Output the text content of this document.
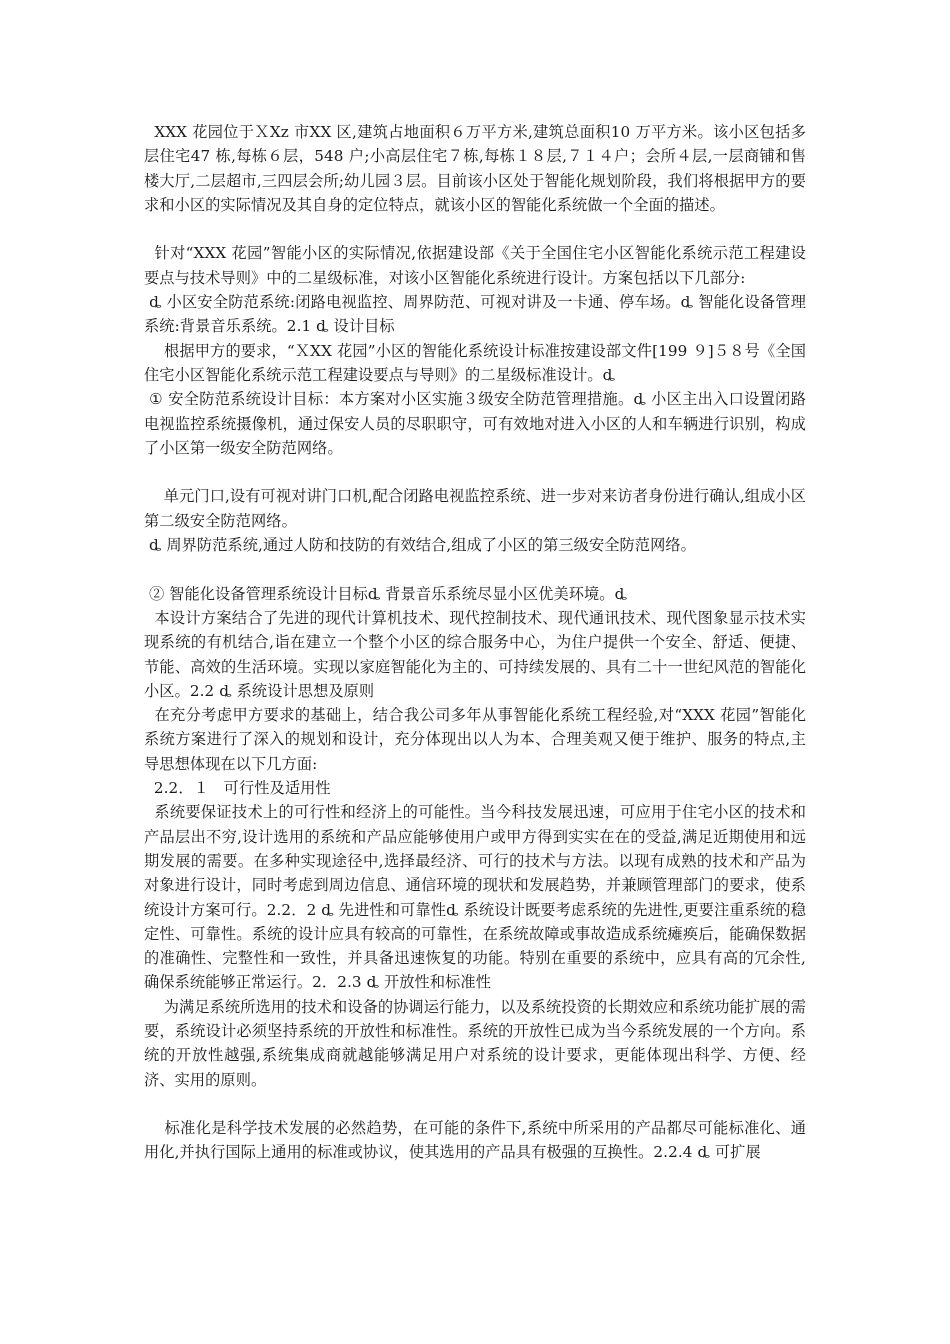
XXX 花园位于ＸXz 市XX 区,建筑占地面积６万平方米,建筑总面积10 万平方米。该小区包括多层住宅47 栋,每栋６层，548 户;小高层住宅７栋,每栋１８层,７１４户；会所４层,一层商铺和售楼大厅,二层超市,三四层会所;幼儿园３层。目前该小区处于智能化规划阶段，我们将根据甲方的要求和小区的实际情况及其自身的定位特点，就该小区的智能化系统做一个全面的描述。

针对“XXX 花园”智能小区的实际情况,依据建设部《关于全国住宅小区智能化系统示范工程建设要点与技术导则》中的二星级标准，对该小区智能化系统进行设计。方案包括以下几部分:
ȡ 小区安全防范系统:闭路电视监控、周界防范、可视对讲及一卡通、停车场。ȡ 智能化设备管理系统:背景音乐系统。2.1 ȡ 设计目标
根据甲方的要求，“ＸXX 花园”小区的智能化系统设计标准按建设部文件[199 ９]５８号《全国住宅小区智能化系统示范工程建设要点与导则》的二星级标准设计。ȡ
① 安全防范系统设计目标：本方案对小区实施３级安全防范管理措施。ȡ 小区主出入口设置闭路电视监控系统摄像机，通过保安人员的尽职职守，可有效地对进入小区的人和车辆进行识别，构成了小区第一级安全防范网络。

单元门口,设有可视对讲门口机,配合闭路电视监控系统、进一步对来访者身份进行确认,组成小区第二级安全防范网络。
ȡ 周界防范系统,通过人防和技防的有效结合,组成了小区的第三级安全防范网络。

② 智能化设备管理系统设计目标ȡ 背景音乐系统尽显小区优美环境。ȡ
本设计方案结合了先进的现代计算机技术、现代控制技术、现代通讯技术、现代图象显示技术实现系统的有机结合,诣在建立一个整个小区的综合服务中心，为住户提供一个安全、舒适、便捷、节能、高效的生活环境。实现以家庭智能化为主的、可持续发展的、具有二十一世纪风范的智能化小区。2.2 ȡ 系统设计思想及原则
在充分考虑甲方要求的基础上，结合我公司多年从事智能化系统工程经验,对“XXX 花园”智能化系统方案进行了深入的规划和设计，充分体现出以人为本、合理美观又便于维护、服务的特点,主导思想体现在以下几方面:
2.2．１   可行性及适用性
系统要保证技术上的可行性和经济上的可能性。当今科技发展迅速，可应用于住宅小区的技术和产品层出不穷,设计选用的系统和产品应能够使用户或甲方得到实实在在的受益,满足近期使用和远期发展的需要。在多种实现途径中,选择最经济、可行的技术与方法。以现有成熟的技术和产品为对象进行设计，同时考虑到周边信息、通信环境的现状和发展趋势，并兼顾管理部门的要求，使系统设计方案可行。2.2．2 ȡ 先进性和可靠性ȡ 系统设计既要考虑系统的先进性,更要注重系统的稳定性、可靠性。系统的设计应具有较高的可靠性，在系统故障或事故造成系统瘫痪后，能确保数据的准确性、完整性和一致性，并具备迅速恢复的功能。特别在重要的系统中，应具有高的冗余性,确保系统能够正常运行。2．2.3 ȡ 开放性和标准性
为满足系统所选用的技术和设备的协调运行能力，以及系统投资的长期效应和系统功能扩展的需要，系统设计必须坚持系统的开放性和标准性。系统的开放性已成为当今系统发展的一个方向。系统的开放性越强,系统集成商就越能够满足用户对系统的设计要求，更能体现出科学、方便、经济、实用的原则。

标准化是科学技术发展的必然趋势，在可能的条件下,系统中所采用的产品都尽可能标准化、通用化,并执行国际上通用的标准或协议，使其选用的产品具有极强的互换性。2.2.4 ȡ 可扩展
